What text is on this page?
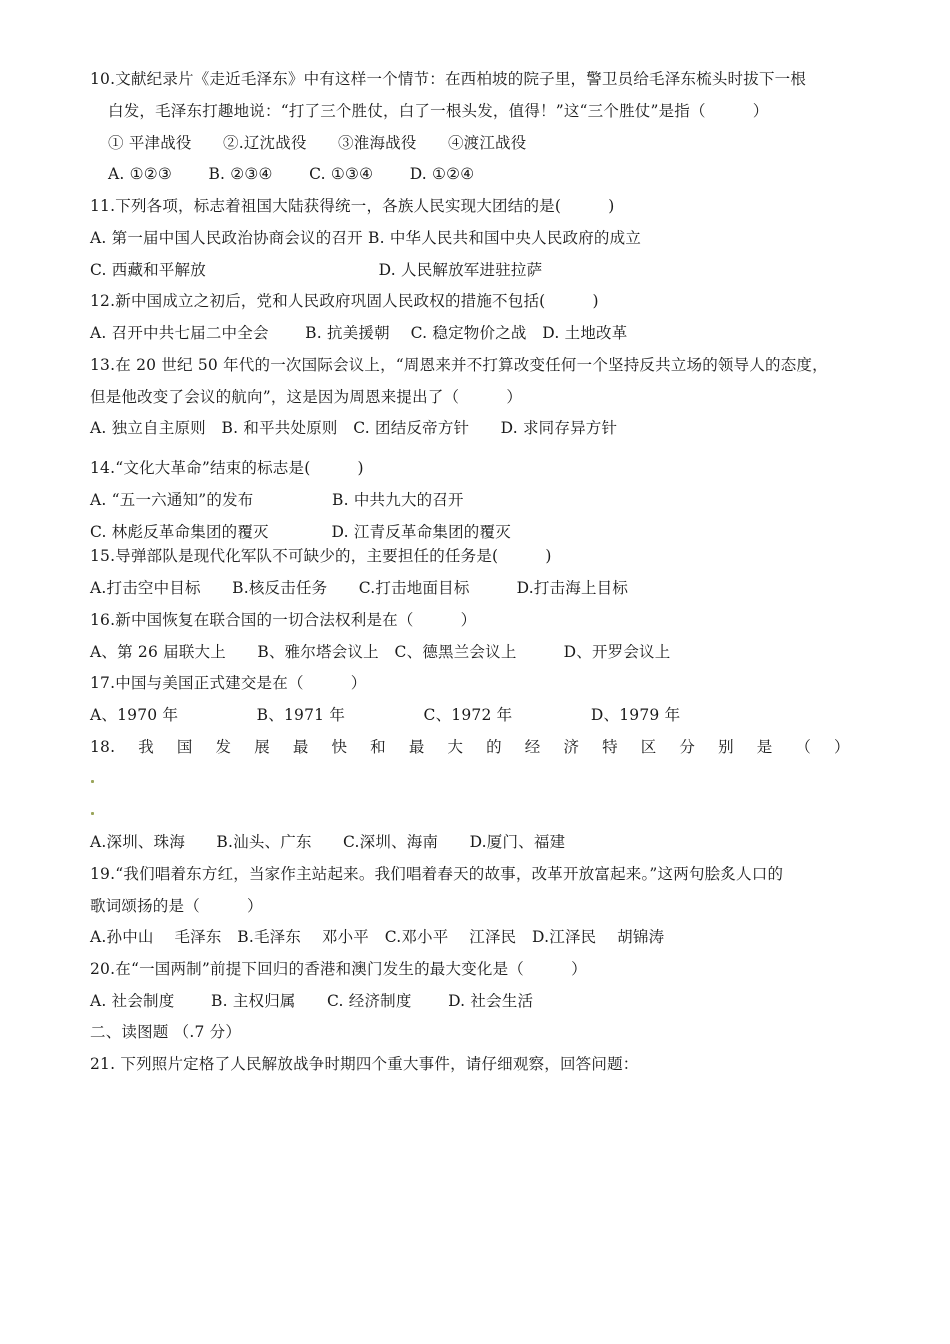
10.文献纪录片《走近毛泽东》中有这样一个情节：在西柏坡的院子里，警卫员给毛泽东梳头时拔下一根
白发，毛泽东打趣地说：“打了三个胜仗，白了一根头发，值得！”这“三个胜仗”是指（　　　）
① 平津战役　　②.辽沈战役　　③淮海战役　　④渡江战役
A. ①②③　　 B. ②③④　　 C. ①③④　　 D. ①②④
11.下列各项，标志着祖国大陆获得统一，各族人民实现大团结的是(　　　)
A. 第一届中国人民政治协商会议的召开 B. 中华人民共和国中央人民政府的成立
C. 西藏和平解放　　　　　　　　　　　D. 人民解放军进驻拉萨
12.新中国成立之初后，党和人民政府巩固人民政权的措施不包括(　　　)
A. 召开中共七届二中全会　　 B. 抗美援朝　 C. 稳定物价之战　D. 土地改革
13.在 20 世纪 50 年代的一次国际会议上，“周恩来并不打算改变任何一个坚持反共立场的领导人的态度，
但是他改变了会议的航向”，这是因为周恩来提出了（　　　）
A. 独立自主原则　B. 和平共处原则　C. 团结反帝方针　　D. 求同存异方针
14.“文化大革命”结束的标志是(　　　)
A. “五一六通知”的发布　　　　　B. 中共九大的召开
C. 林彪反革命集团的覆灭　　　　D. 江青反革命集团的覆灭
15.导弹部队是现代化军队不可缺少的，主要担任的任务是(　　　)
A.打击空中目标　　B.核反击任务　　C.打击地面目标　　　D.打击海上目标
16.新中国恢复在联合国的一切合法权利是在（　　　）
A、第 26 届联大上　　B、雅尔塔会议上　C、德黑兰会议上　　　D、开罗会议上
17.中国与美国正式建交是在（　　　）
A、1970 年　　　　　B、1971 年　　　　　C、1972 年　　　　　D、1979 年
18. 我 国 发 展 最 快 和 最 大 的 经 济 特 区 分 别 是 （ ）
A.深圳、珠海　　B.汕头、广东　　C.深圳、海南　　D.厦门、福建
19.“我们唱着东方红，当家作主站起来。我们唱着春天的故事，改革开放富起来。”这两句脍炙人口的
歌词颂扬的是（　　　）
A.孙中山　 毛泽东　B.毛泽东　 邓小平　C.邓小平　 江泽民　D.江泽民　 胡锦涛
20.在“一国两制”前提下回归的香港和澳门发生的最大变化是（　　　）
A. 社会制度　　 B. 主权归属　　C. 经济制度　　 D. 社会生活
二、读图题 （.7 分）
21. 下列照片定格了人民解放战争时期四个重大事件，请仔细观察，回答问题：
